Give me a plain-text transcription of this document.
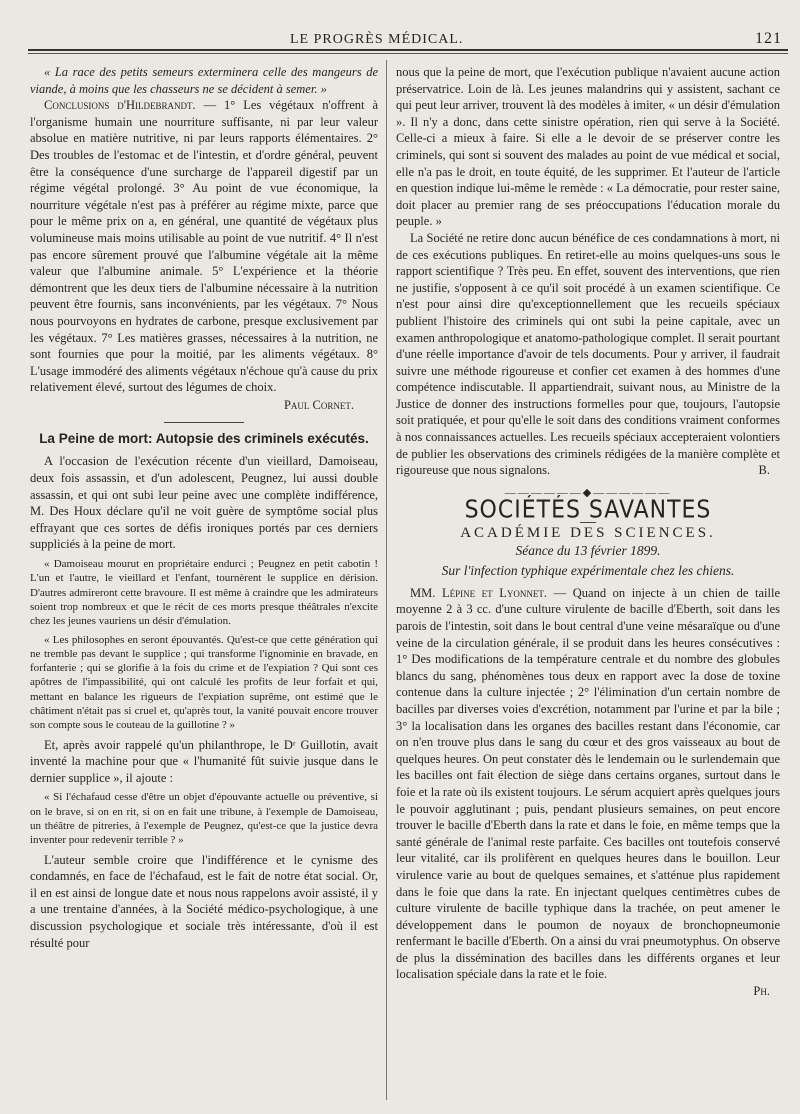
LE PROGRÈS MÉDICAL.	121

« La race des petits semeurs exterminera celle des mangeurs de viande, à moins que les chasseurs ne se décident à semer. »

Conclusions d'Hildebrandt. — 1° Les végétaux n'offrent à l'organisme humain une nourriture suffisante, ni par leur valeur absolue en matière nutritive, ni par leurs rapports élémentaires. 2° Des troubles de l'estomac et de l'intestin, et d'ordre général, peuvent être la conséquence d'une surcharge de l'appareil digestif par un régime végétal prolongé. 3° Au point de vue économique, la nourriture végétale n'est pas à préférer au régime mixte, parce que pour le même prix on a, en général, une quantité de végétaux plus volumineuse mais moins utilisable au point de vue nutritif. 4° Il n'est pas encore sûrement prouvé que l'albumine végétale ait la même valeur que l'albumine animale. 5° L'expérience et la théorie démontrent que les deux tiers de l'albumine nécessaire à la nutrition peuvent être fournis, sans inconvénients, par les végétaux. 7° Nous nous pourvoyons en hydrates de carbone, presque exclusivement par les végétaux. 7° Les matières grasses, nécessaires à la nutrition, ne sont fournies que pour la moitié, par les aliments végétaux. 8° L'usage immodéré des aliments végétaux n'échoue qu'à cause du prix relativement élevé, surtout des légumes de choix.

Paul Cornet.
La Peine de mort: Autopsie des criminels exécutés.

A l'occasion de l'exécution récente d'un vieillard, Damoiseau, deux fois assassin, et d'un adolescent, Peugnez, lui aussi double assassin, et qui ont subi leur peine avec une complète indifférence, M. Des Houx déclare qu'il ne voit guère de symptôme social plus effrayant que ces sortes de défis ironiques portés par ces derniers suppliciés à la peine de mort.

« Damoiseau mourut en propriétaire endurci ; Peugnez en petit cabotin ! L'un et l'autre, le vieillard et l'enfant, tournèrent le supplice en dérision. D'autres admireront cette bravoure. Il est même à craindre que les admirateurs soient trop nombreux et que le récit de ces morts presque théâtrales n'excite chez les jeunes vauriens un désir d'émulation.

« Les philosophes en seront épouvantés. Qu'est-ce que cette génération qui ne tremble pas devant le supplice ; qui transforme l'ignominie en bravade, en forfanterie ; qui se glorifie à la fois du crime et de l'expiation ? Qui sont ces apôtres de l'impassibilité, qui ont calculé les profits de leur forfait et qui, mettant en balance les rigueurs de l'expiation suprême, ont estimé que le châtiment n'était pas si cruel et, qu'après tout, la vanité pouvait encore trouver son compte sous le couteau de la guillotine ? »

Et, après avoir rappelé qu'un philanthrope, le Dʳ Guillotin, avait inventé la machine pour que « l'humanité fût suivie jusque dans le dernier supplice », il ajoute :

« Si l'échafaud cesse d'être un objet d'épouvante actuelle ou préventive, si on le brave, si on en rit, si on en fait une tribune, à l'exemple de Damoiseau, un théâtre de pitreries, à l'exemple de Peugnez, qu'est-ce que la justice devra inventer pour redevenir terrible ? »

L'auteur semble croire que l'indifférence et le cynisme des condamnés, en face de l'échafaud, est le fait de notre état social. Or, il en est ainsi de longue date et nous nous rappelons avoir assisté, il y a une trentaine d'années, à la Société médico-psychologique, à une discussion psychologique et sociale très intéressante, d'où il est résulté pour

nous que la peine de mort, que l'exécution publique n'avaient aucune action préservatrice. Loin de là. Les jeunes malandrins qui y assistent, sachant ce qui peut leur arriver, trouvent là des modèles à imiter, « un désir d'émulation ». Il n'y a donc, dans cette sinistre opération, rien qui serve à la Société. Celle-ci a mieux à faire. Si elle a le devoir de se préserver contre les criminels, qui sont si souvent des malades au point de vue médical et social, elle n'a pas le droit, en toute équité, de les supprimer. Et l'auteur de l'article en question indique lui-même le remède : « La démocratie, pour rester saine, doit placer au premier rang de ses préoccupations l'éducation morale du peuple. »

La Société ne retire donc aucun bénéfice de ces condamnations à mort, ni de ces exécutions publiques. En retiret-elle au moins quelques-uns sous le rapport scientifique ? Très peu. En effet, souvent des interventions, que rien ne justifie, s'opposent à ce qu'il soit procédé à un examen scientifique. Ce n'est pour ainsi dire qu'exceptionnellement que les recueils spéciaux publient l'histoire des criminels qui ont subi la peine capitale, avec un examen anthropologique et anatomo-pathologique complet. Il serait pourtant d'une réelle importance d'avoir de tels documents. Pour y arriver, il faudrait suivre une méthode rigoureuse et confier cet examen à des hommes d'une compétence indiscutable. Il appartiendrait, suivant nous, au Ministre de la Justice de donner des instructions formelles pour que, toujours, l'autopsie soit pratiquée, et pour qu'elle le soit dans des conditions vraiment conformes à nos connaissances actuelles. Les recueils spéciaux accepteraient volontiers de publier les observations des criminels rédigées de la manière complète et rigoureuse que nous signalons.	B.

——————◆——————
SOCIÉTÉS SAVANTES
ACADÉMIE DES SCIENCES.
Séance du 13 février 1899.
Sur l'infection typhique expérimentale chez les chiens.

MM. Lépine et Lyonnet. — Quand on injecte à un chien de taille moyenne 2 à 3 cc. d'une culture virulente de bacille d'Eberth, soit dans les parois de l'intestin, soit dans le bout central d'une veine mésaraïque ou d'une veine de la circulation générale, il se produit dans les heures consécutives : 1° Des modifications de la température centrale et du nombre des globules blancs du sang, phénomènes tous deux en rapport avec la dose de toxine contenue dans la culture injectée ; 2° l'élimination d'un certain nombre de bacilles par diverses voies d'excrétion, notamment par l'urine et par la bile ; 3° la localisation dans les organes des bacilles restant dans l'économie, car on n'en trouve plus dans le sang du cœur et des gros vaisseaux au bout de quelques heures. On peut constater dès le lendemain ou le surlendemain que les bacilles ont fait élection de siège dans certains organes, surtout dans le foie et la rate où ils existent toujours. Le sérum acquiert après quelques jours le pouvoir agglutinant ; puis, pendant plusieurs semaines, on peut encore trouver le bacille d'Eberth dans la rate et dans le foie, en même temps que la santé générale de l'animal reste parfaite. Ces bacilles ont toutefois conservé leur vitalité, car ils prolifèrent en quelques heures dans le bouillon. Leur virulence varie au bout de quelques semaines, et s'atténue plus rapidement dans le foie que dans la rate. En injectant quelques centimètres cubes de culture virulente de bacille typhique dans la trachée, on peut amener le développement dans le poumon de noyaux de bronchopneumonie renfermant le bacille d'Eberth. On a ainsi du vrai pneumotyphus. On observe de plus la dissémination des bacilles dans les différents organes et leur localisation spéciale dans la rate et le foie.

Ph.
